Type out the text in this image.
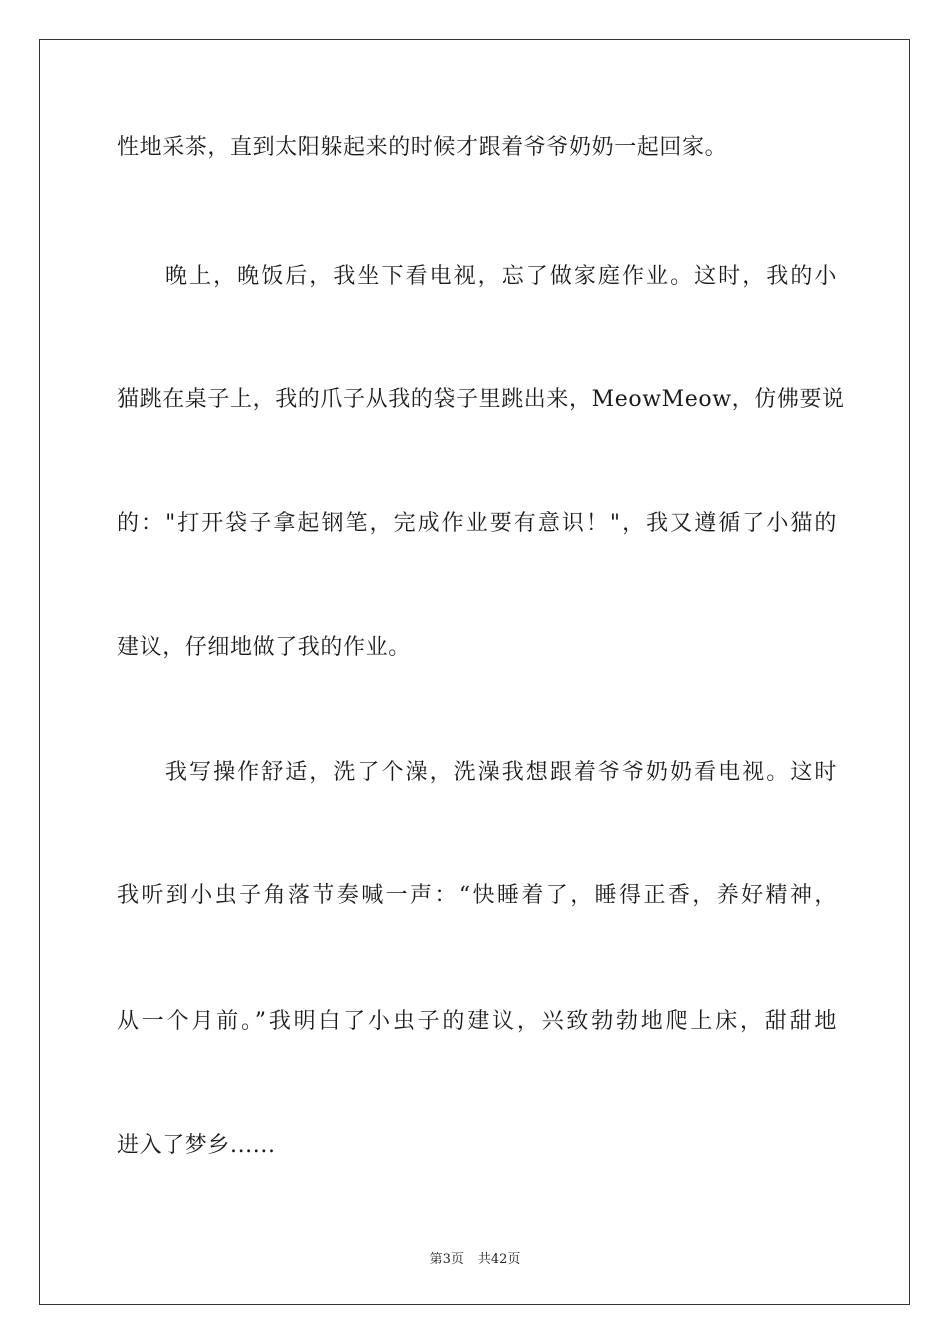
性地采茶，直到太阳躲起来的时候才跟着爷爷奶奶一起回家。
晚上，晚饭后，我坐下看电视，忘了做家庭作业。这时，我的小
猫跳在桌子上，我的爪子从我的袋子里跳出来，MeowMeow，仿佛要说
的："打开袋子拿起钢笔，完成作业要有意识！"，我又遵循了小猫的
建议，仔细地做了我的作业。
我写操作舒适，洗了个澡，洗澡我想跟着爷爷奶奶看电视。这时
我听到小虫子角落节奏喊一声：“快睡着了，睡得正香，养好精神，
从一个月前。”我明白了小虫子的建议，兴致勃勃地爬上床，甜甜地
进入了梦乡......
第3页 共42页
